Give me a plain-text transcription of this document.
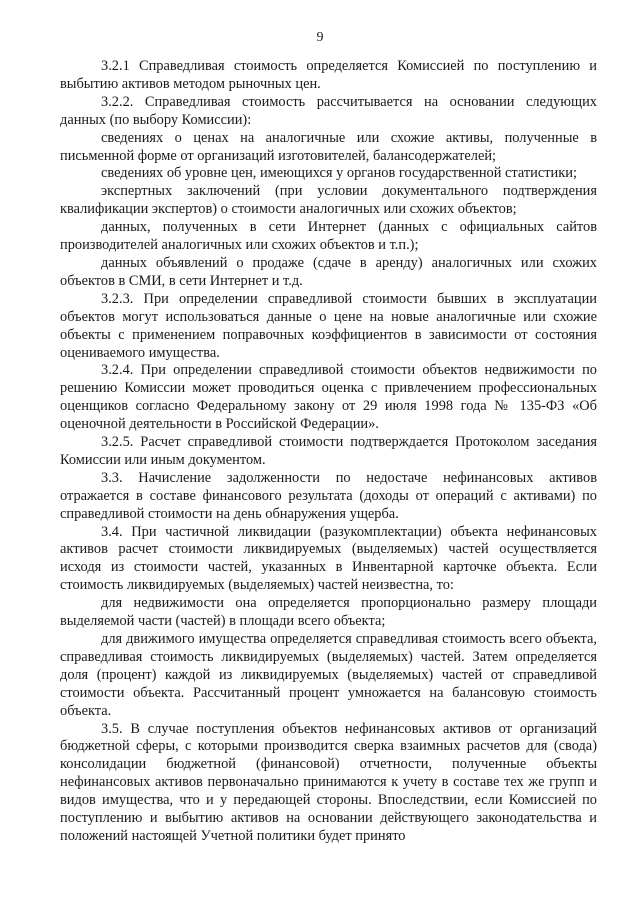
9

3.2.1 Справедливая стоимость определяется Комиссией по поступлению и выбытию активов методом рыночных цен.

3.2.2. Справедливая стоимость рассчитывается на основании следующих данных (по выбору Комиссии):

сведениях о ценах на аналогичные или схожие активы, полученные в письменной форме от организаций изготовителей, балансодержателей;

сведениях об уровне цен, имеющихся у органов государственной статистики;

экспертных заключений (при условии документального подтверждения квалификации экспертов) о стоимости аналогичных или схожих объектов;

данных, полученных в сети Интернет (данных с официальных сайтов производителей аналогичных или схожих объектов и т.п.);

данных объявлений о продаже (сдаче в аренду) аналогичных или схожих объектов в СМИ, в сети Интернет и т.д.

3.2.3. При определении справедливой стоимости бывших в эксплуатации объектов могут использоваться данные о цене на новые аналогичные или схожие объекты с применением поправочных коэффициентов в зависимости от состояния оцениваемого имущества.

3.2.4. При определении справедливой стоимости объектов недвижимости по решению Комиссии может проводиться оценка с привлечением профессиональных оценщиков согласно Федеральному закону от 29 июля 1998 года № 135-ФЗ «Об оценочной деятельности в Российской Федерации».

3.2.5. Расчет справедливой стоимости подтверждается Протоколом заседания Комиссии или иным документом.

3.3. Начисление задолженности по недостаче нефинансовых активов отражается в составе финансового результата (доходы от операций с активами) по справедливой стоимости на день обнаружения ущерба.

3.4. При частичной ликвидации (разукомплектации) объекта нефинансовых активов расчет стоимости ликвидируемых (выделяемых) частей осуществляется исходя из стоимости частей, указанных в Инвентарной карточке объекта. Если стоимость ликвидируемых (выделяемых) частей неизвестна, то:

для недвижимости она определяется пропорционально размеру площади выделяемой части (частей) в площади всего объекта;

для движимого имущества определяется справедливая стоимость всего объекта, справедливая стоимость ликвидируемых (выделяемых) частей. Затем определяется доля (процент) каждой из ликвидируемых (выделяемых) частей от справедливой стоимости объекта. Рассчитанный процент умножается на балансовую стоимость объекта.

3.5. В случае поступления объектов нефинансовых активов от организаций бюджетной сферы, с которыми производится сверка взаимных расчетов для (свода) консолидации бюджетной (финансовой) отчетности, полученные объекты нефинансовых активов первоначально принимаются к учету в составе тех же групп и видов имущества, что и у передающей стороны. Впоследствии, если Комиссией по поступлению и выбытию активов на основании действующего законодательства и положений настоящей Учетной политики будет принято
